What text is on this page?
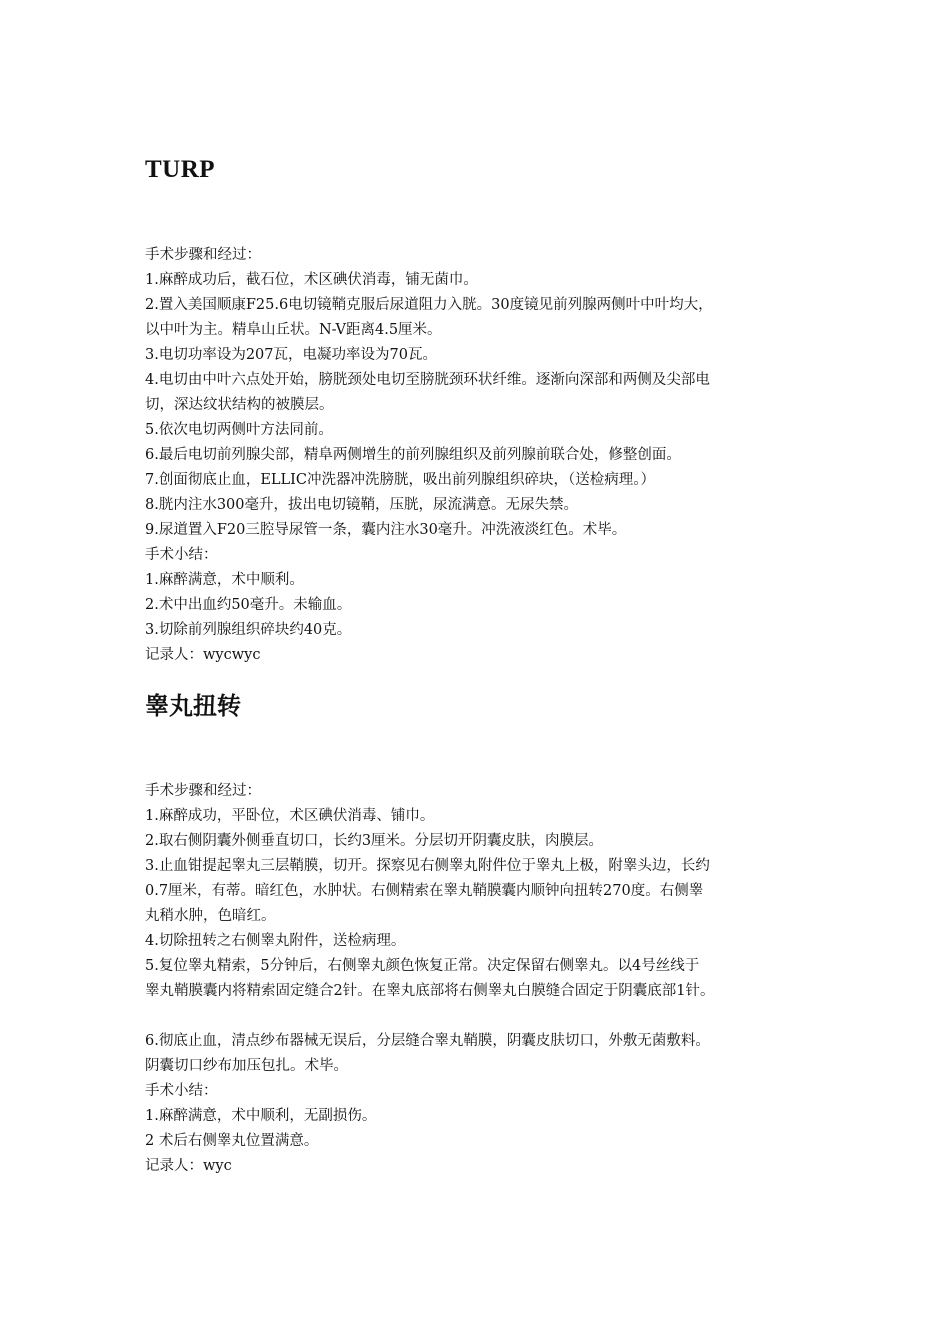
TURP

手术步骤和经过：
1.麻醉成功后，截石位，术区碘伏消毒，铺无菌巾。
2.置入美国顺康F25.6电切镜鞘克服后尿道阻力入胱。30度镜见前列腺两侧叶中叶均大，
以中叶为主。精阜山丘状。N-V距离4.5厘米。
3.电切功率设为207瓦，电凝功率设为70瓦。
4.电切由中叶六点处开始，膀胱颈处电切至膀胱颈环状纤维。逐渐向深部和两侧及尖部电
切，深达纹状结构的被膜层。
5.依次电切两侧叶方法同前。
6.最后电切前列腺尖部，精阜两侧增生的前列腺组织及前列腺前联合处，修整创面。
7.创面彻底止血，ELLIC冲洗器冲洗膀胱，吸出前列腺组织碎块，（送检病理。）
8.胱内注水300毫升，拔出电切镜鞘，压胱，尿流满意。无尿失禁。
9.尿道置入F20三腔导尿管一条，囊内注水30毫升。冲洗液淡红色。术毕。
手术小结：
1.麻醉满意，术中顺利。
2.术中出血约50毫升。未输血。
3.切除前列腺组织碎块约40克。
记录人：wycwyc

睾丸扭转

手术步骤和经过：
1.麻醉成功，平卧位，术区碘伏消毒、铺巾。
2.取右侧阴囊外侧垂直切口，长约3厘米。分层切开阴囊皮肤，肉膜层。
3.止血钳提起睾丸三层鞘膜，切开。探察见右侧睾丸附件位于睾丸上极，附睾头边，长约
0.7厘米，有蒂。暗红色，水肿状。右侧精索在睾丸鞘膜囊内顺钟向扭转270度。右侧睾
丸稍水肿，色暗红。
4.切除扭转之右侧睾丸附件，送检病理。
5.复位睾丸精索，5分钟后，右侧睾丸颜色恢复正常。决定保留右侧睾丸。以4号丝线于
睾丸鞘膜囊内将精索固定缝合2针。在睾丸底部将右侧睾丸白膜缝合固定于阴囊底部1针。

6.彻底止血，清点纱布器械无误后，分层缝合睾丸鞘膜，阴囊皮肤切口，外敷无菌敷料。
阴囊切口纱布加压包扎。术毕。
手术小结：
1.麻醉满意，术中顺利，无副损伤。
2 术后右侧睾丸位置满意。
记录人：wyc
